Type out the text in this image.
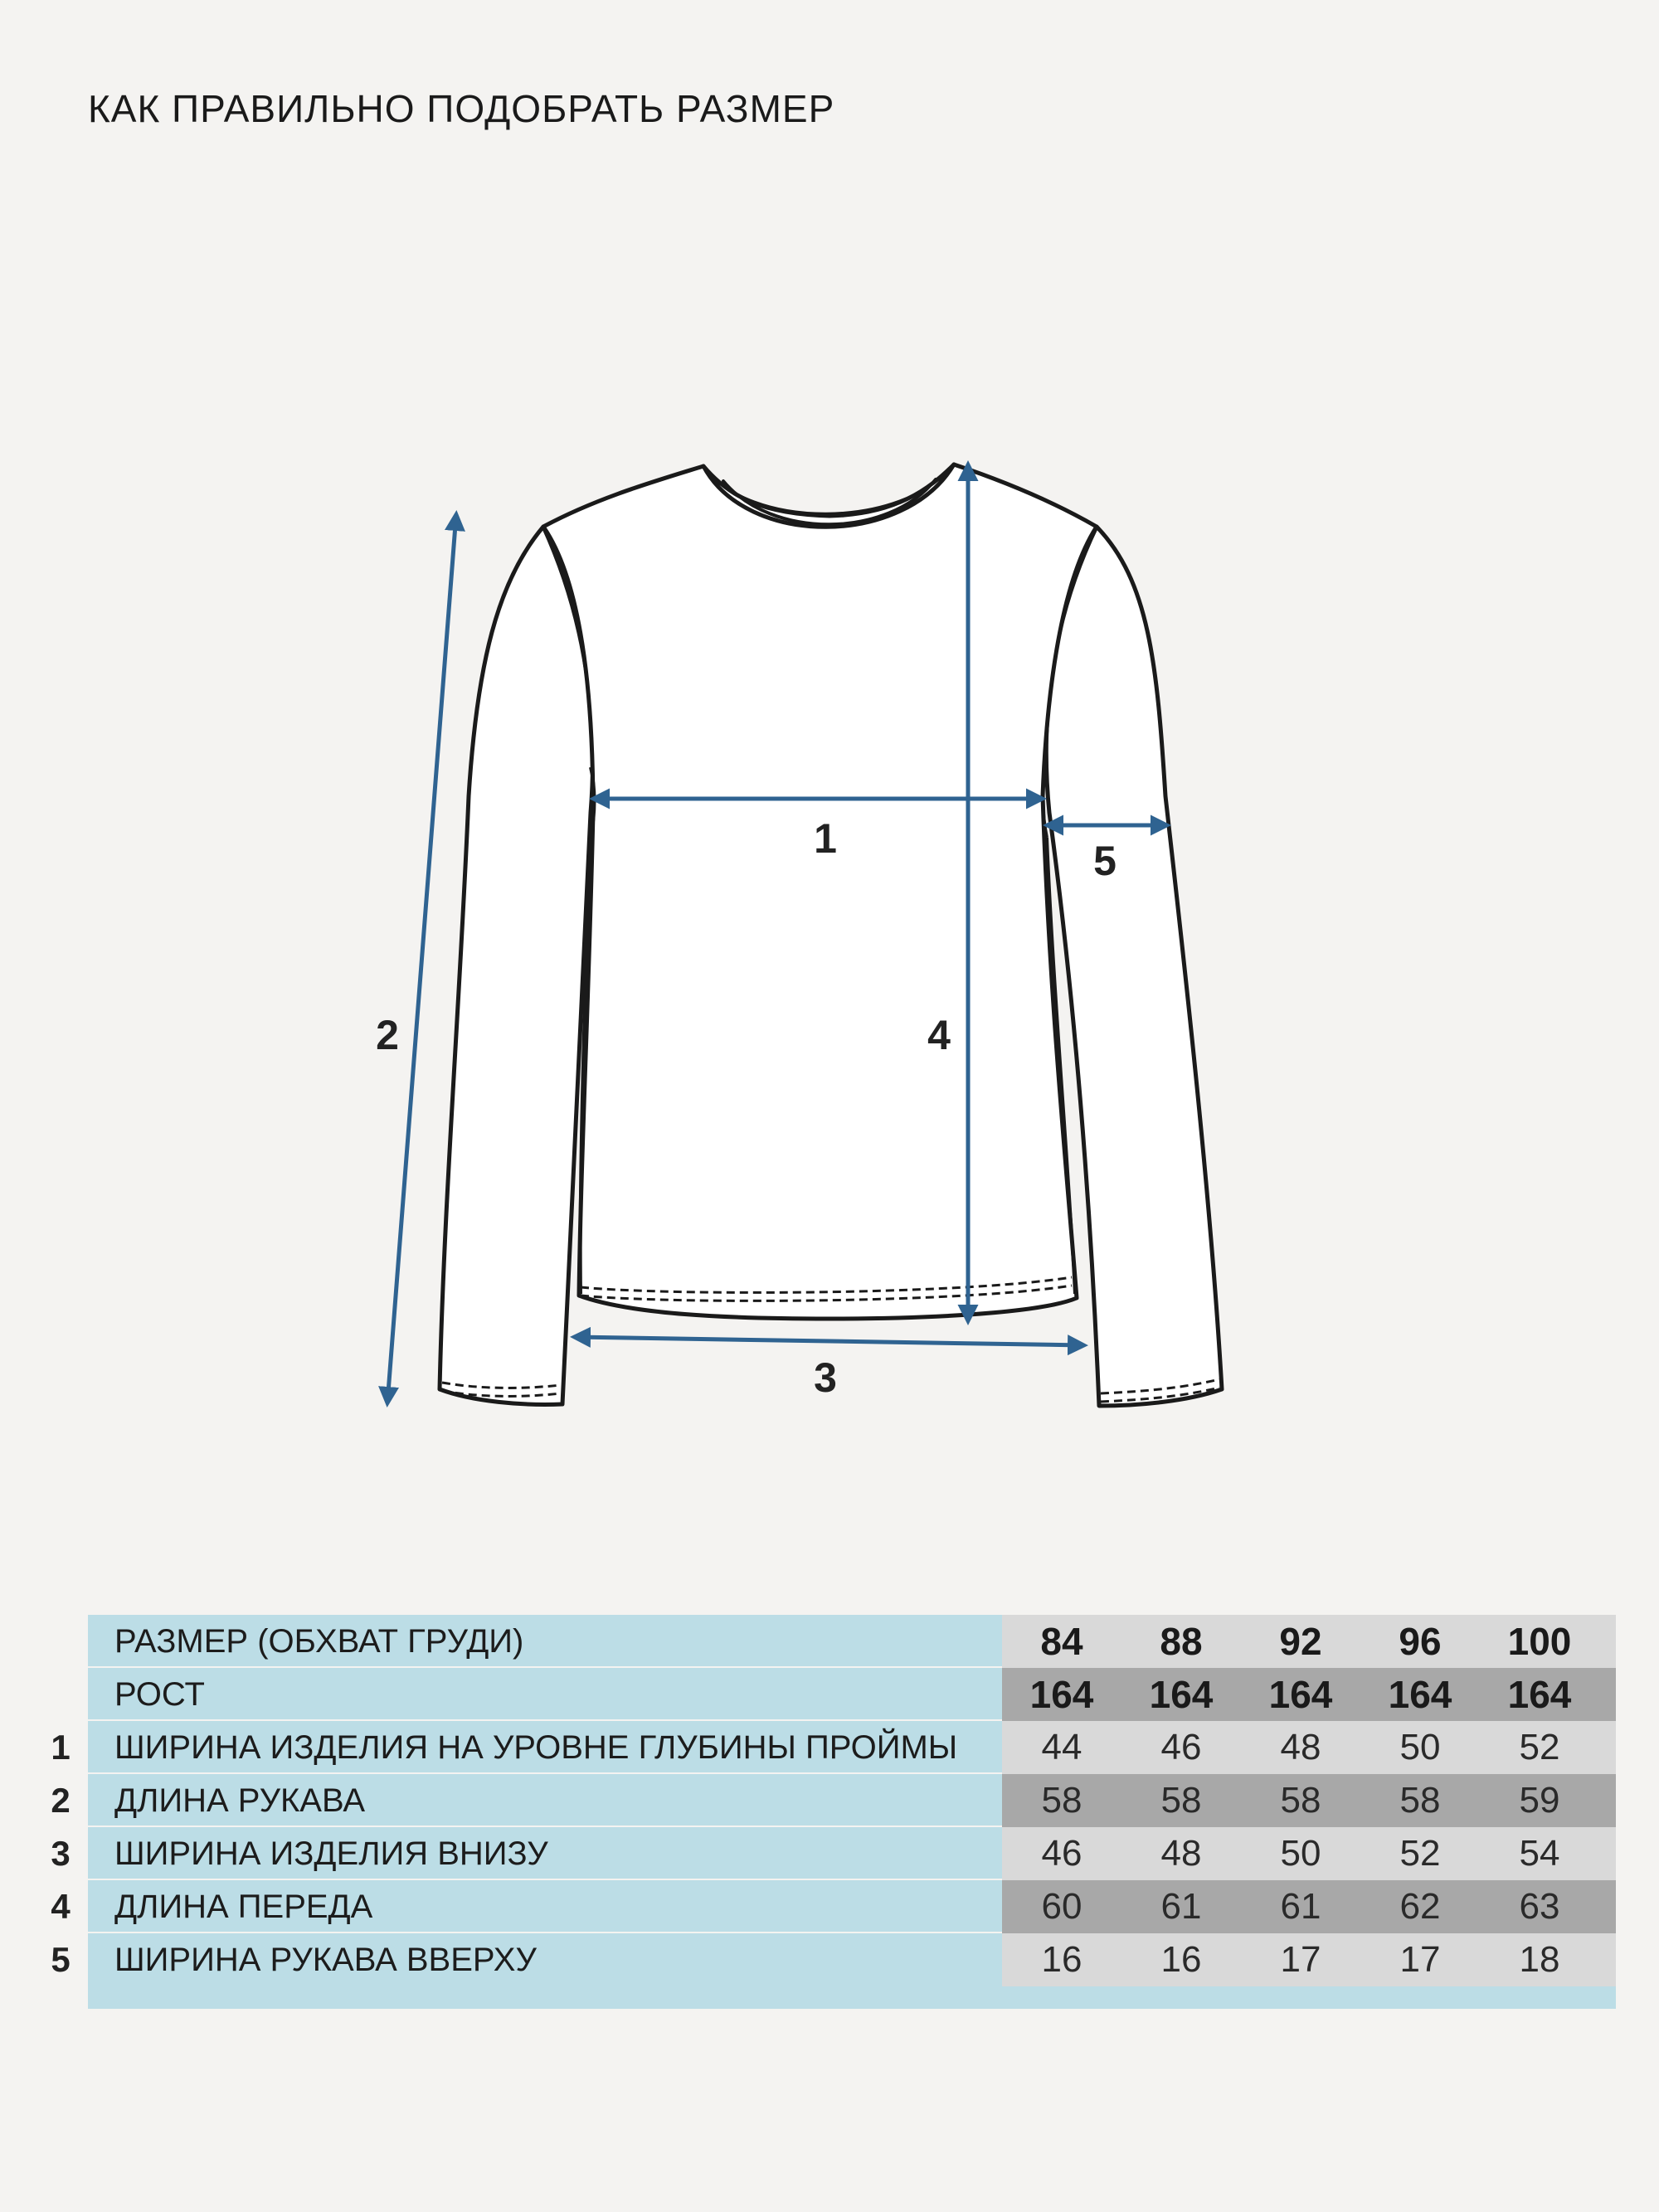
КАК ПРАВИЛЬНО ПОДОБРАТЬ РАЗМЕР
1
2
3
4
5
РАЗМЕР (ОБХВАТ ГРУДИ)	84	88	92	96	100
РОСТ	164	164	164	164	164
ШИРИНА ИЗДЕЛИЯ НА УРОВНЕ ГЛУБИНЫ ПРОЙМЫ	44	46	48	50	52
ДЛИНА РУКАВА	58	58	58	58	59
ШИРИНА ИЗДЕЛИЯ ВНИЗУ	46	48	50	52	54
ДЛИНА ПЕРЕДА	60	61	61	62	63
ШИРИНА РУКАВА ВВЕРХУ	16	16	17	17	18
1
2
3
4
5
